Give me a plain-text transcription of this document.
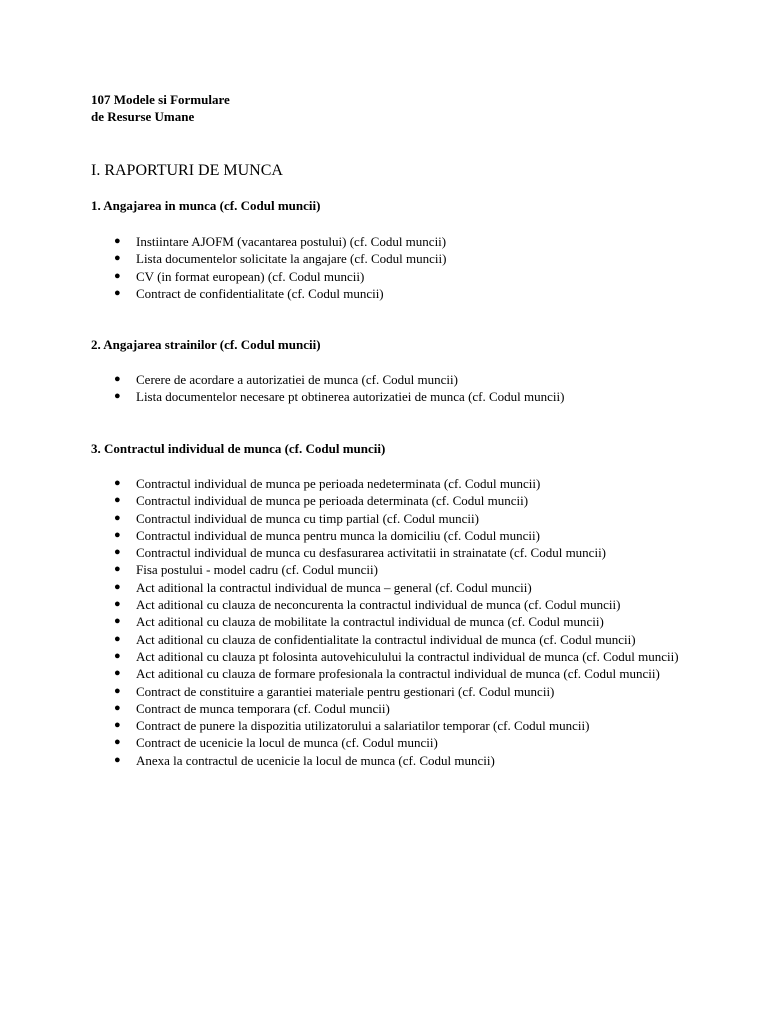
107 Modele si Formulare
de Resurse Umane
I. RAPORTURI DE MUNCA
1. Angajarea in munca (cf. Codul muncii)
● Instiintare AJOFM (vacantarea postului) (cf. Codul muncii)
● Lista documentelor solicitate la angajare (cf. Codul muncii)
● CV (in format european) (cf. Codul muncii)
● Contract de confidentialitate (cf. Codul muncii)
2. Angajarea strainilor (cf. Codul muncii)
● Cerere de acordare a autorizatiei de munca (cf. Codul muncii)
● Lista documentelor necesare pt obtinerea autorizatiei de munca (cf. Codul muncii)
3. Contractul individual de munca (cf. Codul muncii)
● Contractul individual de munca pe perioada nedeterminata (cf. Codul muncii)
● Contractul individual de munca pe perioada determinata (cf. Codul muncii)
● Contractul individual de munca cu timp partial (cf. Codul muncii)
● Contractul individual de munca pentru munca la domiciliu (cf. Codul muncii)
● Contractul individual de munca cu desfasurarea activitatii in strainatate (cf. Codul muncii)
● Fisa postului - model cadru (cf. Codul muncii)
● Act aditional la contractul individual de munca – general (cf. Codul muncii)
● Act aditional cu clauza de neconcurenta la contractul individual de munca (cf. Codul muncii)
● Act aditional cu clauza de mobilitate la contractul individual de munca (cf. Codul muncii)
● Act aditional cu clauza de confidentialitate la contractul individual de munca (cf. Codul muncii)
● Act aditional cu clauza pt folosinta autovehiculului la contractul individual de munca (cf. Codul muncii)
● Act aditional cu clauza de formare profesionala la contractul individual de munca (cf. Codul muncii)
● Contract de constituire a garantiei materiale pentru gestionari (cf. Codul muncii)
● Contract de munca temporara (cf. Codul muncii)
● Contract de punere la dispozitia utilizatorului a salariatilor temporar (cf. Codul muncii)
● Contract de ucenicie la locul de munca (cf. Codul muncii)
● Anexa la contractul de ucenicie la locul de munca (cf. Codul muncii)
